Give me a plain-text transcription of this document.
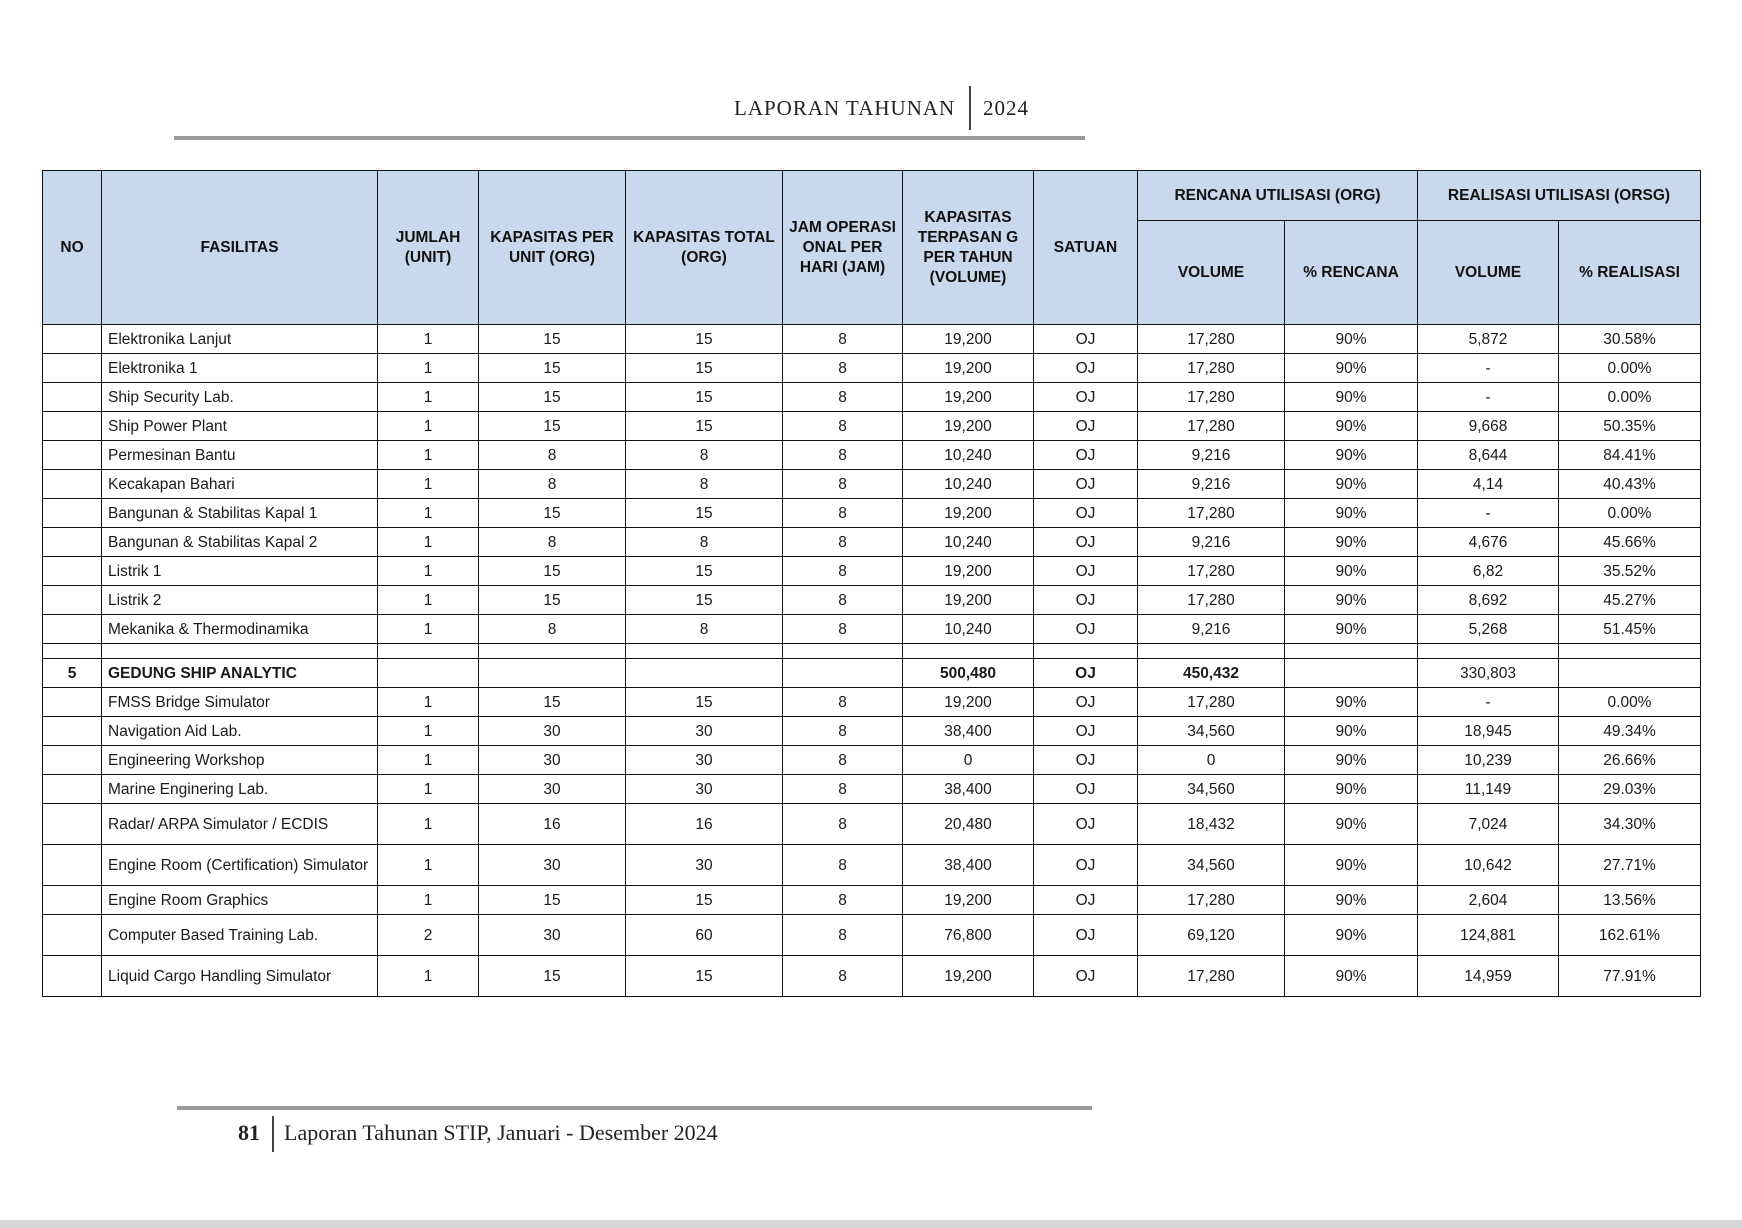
LAPORAN TAHUNAN 2024
NO	FASILITAS	JUMLAH (UNIT)	KAPASITAS PER UNIT (ORG)	KAPASITAS TOTAL (ORG)	JAM OPERASI ONAL PER HARI (JAM)	KAPASITAS TERPASAN G PER TAHUN (VOLUME)	SATUAN	RENCANA UTILISASI (ORG)		REALISASI UTILISASI (ORSG)	
								VOLUME	% RENCANA	VOLUME	% REALISASI
	Elektronika Lanjut	1	15	15	8	19,200	OJ	17,280	90%	5,872	30.58%
	Elektronika 1	1	15	15	8	19,200	OJ	17,280	90%	-	0.00%
	Ship Security Lab.	1	15	15	8	19,200	OJ	17,280	90%	-	0.00%
	Ship Power Plant	1	15	15	8	19,200	OJ	17,280	90%	9,668	50.35%
	Permesinan Bantu	1	8	8	8	10,240	OJ	9,216	90%	8,644	84.41%
	Kecakapan Bahari	1	8	8	8	10,240	OJ	9,216	90%	4,14	40.43%
	Bangunan & Stabilitas Kapal 1	1	15	15	8	19,200	OJ	17,280	90%	-	0.00%
	Bangunan & Stabilitas Kapal 2	1	8	8	8	10,240	OJ	9,216	90%	4,676	45.66%
	Listrik 1	1	15	15	8	19,200	OJ	17,280	90%	6,82	35.52%
	Listrik 2	1	15	15	8	19,200	OJ	17,280	90%	8,692	45.27%
	Mekanika & Thermodinamika	1	8	8	8	10,240	OJ	9,216	90%	5,268	51.45%

5	GEDUNG SHIP ANALYTIC					500,480	OJ	450,432		330,803	
	FMSS Bridge Simulator	1	15	15	8	19,200	OJ	17,280	90%	-	0.00%
	Navigation Aid Lab.	1	30	30	8	38,400	OJ	34,560	90%	18,945	49.34%
	Engineering Workshop	1	30	30	8	0	OJ	0	90%	10,239	26.66%
	Marine Enginering Lab.	1	30	30	8	38,400	OJ	34,560	90%	11,149	29.03%
	Radar/ ARPA Simulator / ECDIS	1	16	16	8	20,480	OJ	18,432	90%	7,024	34.30%
	Engine Room (Certification) Simulator	1	30	30	8	38,400	OJ	34,560	90%	10,642	27.71%
	Engine Room Graphics	1	15	15	8	19,200	OJ	17,280	90%	2,604	13.56%
	Computer Based Training Lab.	2	30	60	8	76,800	OJ	69,120	90%	124,881	162.61%
	Liquid Cargo Handling Simulator	1	15	15	8	19,200	OJ	17,280	90%	14,959	77.91%
81 Laporan Tahunan STIP, Januari - Desember 2024
